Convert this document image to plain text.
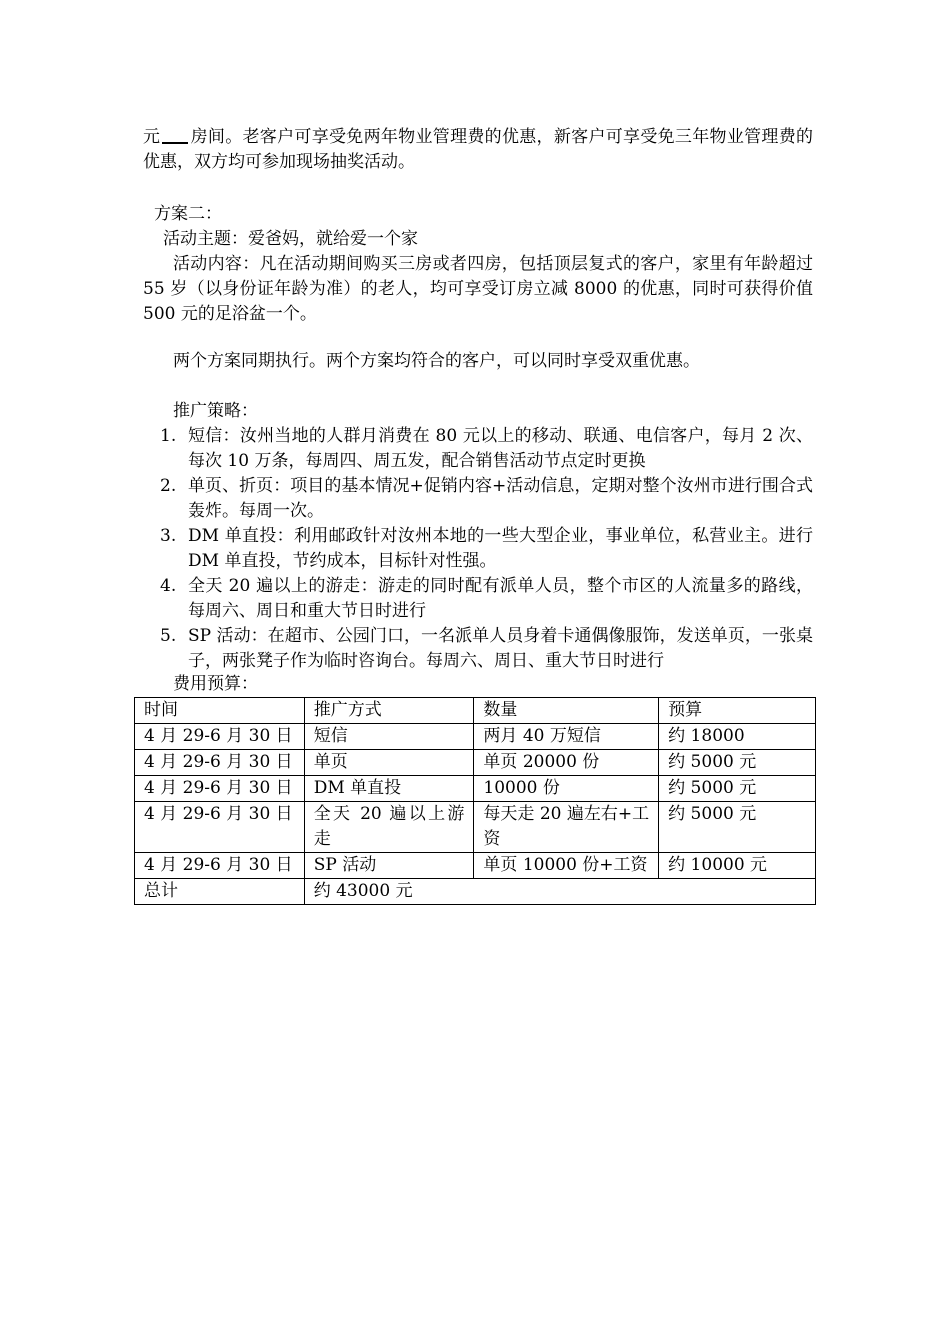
元 房间。老客户可享受免两年物业管理费的优惠，新客户可享受免三年物业管理费的优惠，双方均可参加现场抽奖活动。

方案二：

活动主题：爱爸妈，就给爱一个家

活动内容：凡在活动期间购买三房或者四房，包括顶层复式的客户，家里有年龄超过 55 岁（以身份证年龄为准）的老人，均可享受订房立减 8000 的优惠，同时可获得价值 500 元的足浴盆一个。

两个方案同期执行。两个方案均符合的客户，可以同时享受双重优惠。

推广策略：

1. 短信：汝州当地的人群月消费在 80 元以上的移动、联通、电信客户，每月 2 次、每次 10 万条，每周四、周五发，配合销售活动节点定时更换
2. 单页、折页：项目的基本情况+促销内容+活动信息，定期对整个汝州市进行围合式轰炸。每周一次。
3. DM 单直投：利用邮政针对汝州本地的一些大型企业，事业单位，私营业主。进行 DM 单直投，节约成本，目标针对性强。
4. 全天 20 遍以上的游走：游走的同时配有派单人员，整个市区的人流量多的路线，每周六、周日和重大节日时进行
5. SP 活动：在超市、公园门口，一名派单人员身着卡通偶像服饰，发送单页，一张桌子，两张凳子作为临时咨询台。每周六、周日、重大节日时进行

费用预算：

时间	推广方式	数量	预算
4 月 29-6 月 30 日	短信	两月 40 万短信	约 18000
4 月 29-6 月 30 日	单页	单页 20000 份	约 5000 元
4 月 29-6 月 30 日	DM 单直投	10000 份	约 5000 元
4 月 29-6 月 30 日	全天 20 遍以上游走	每天走 20 遍左右+工资	约 5000 元
4 月 29-6 月 30 日	SP 活动	单页 10000 份+工资	约 10000 元
总计	约 43000 元		
